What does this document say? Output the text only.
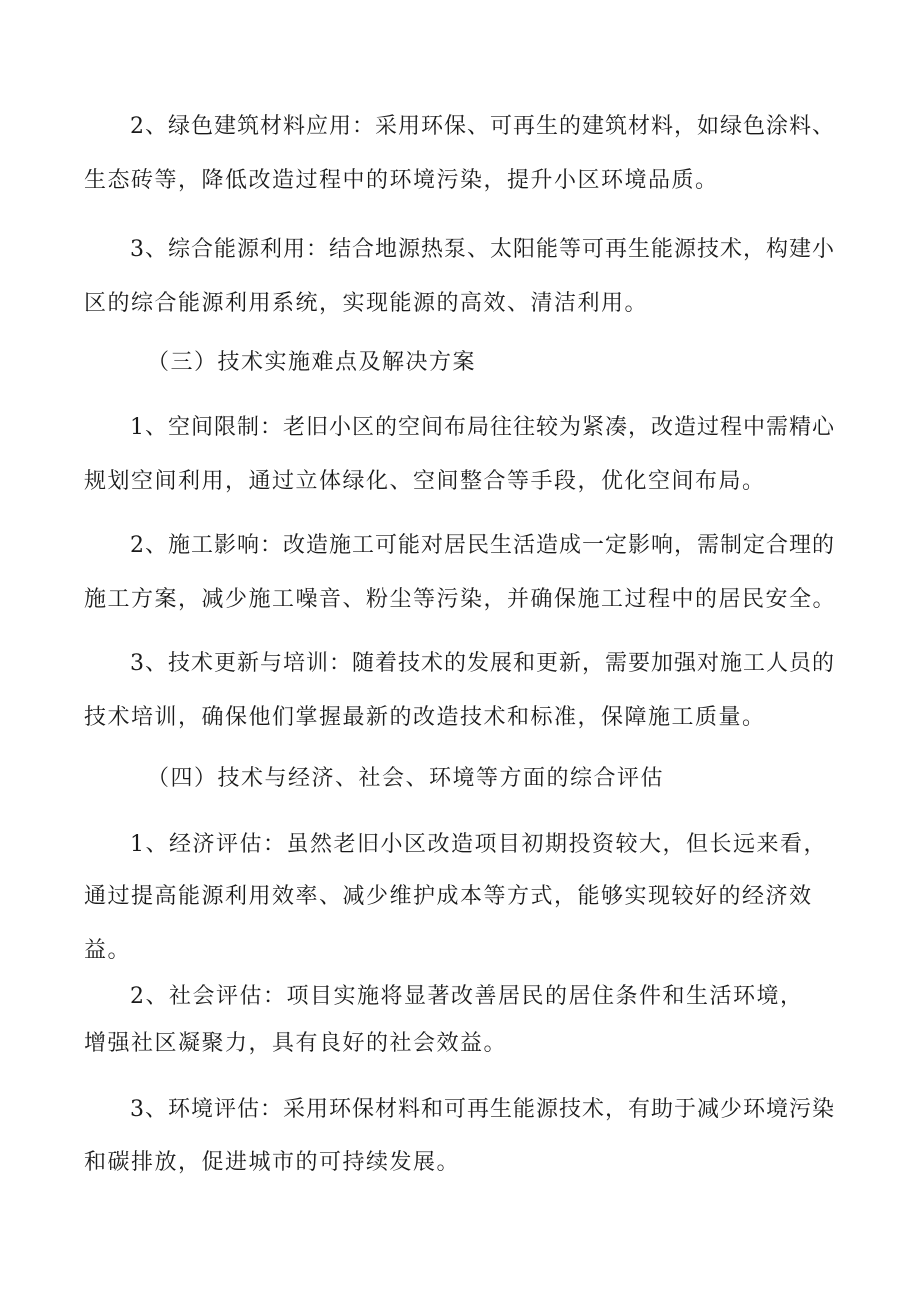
2、绿色建筑材料应用：采用环保、可再生的建筑材料，如绿色涂料、
生态砖等，降低改造过程中的环境污染，提升小区环境品质。
3、综合能源利用：结合地源热泵、太阳能等可再生能源技术，构建小
区的综合能源利用系统，实现能源的高效、清洁利用。
（三）技术实施难点及解决方案
1、空间限制：老旧小区的空间布局往往较为紧凑，改造过程中需精心
规划空间利用，通过立体绿化、空间整合等手段，优化空间布局。
2、施工影响：改造施工可能对居民生活造成一定影响，需制定合理的
施工方案，减少施工噪音、粉尘等污染，并确保施工过程中的居民安全。
3、技术更新与培训：随着技术的发展和更新，需要加强对施工人员的
技术培训，确保他们掌握最新的改造技术和标准，保障施工质量。
（四）技术与经济、社会、环境等方面的综合评估
1、经济评估：虽然老旧小区改造项目初期投资较大，但长远来看，
通过提高能源利用效率、减少维护成本等方式，能够实现较好的经济效
益。
2、社会评估：项目实施将显著改善居民的居住条件和生活环境，
增强社区凝聚力，具有良好的社会效益。
3、环境评估：采用环保材料和可再生能源技术，有助于减少环境污染
和碳排放，促进城市的可持续发展。
